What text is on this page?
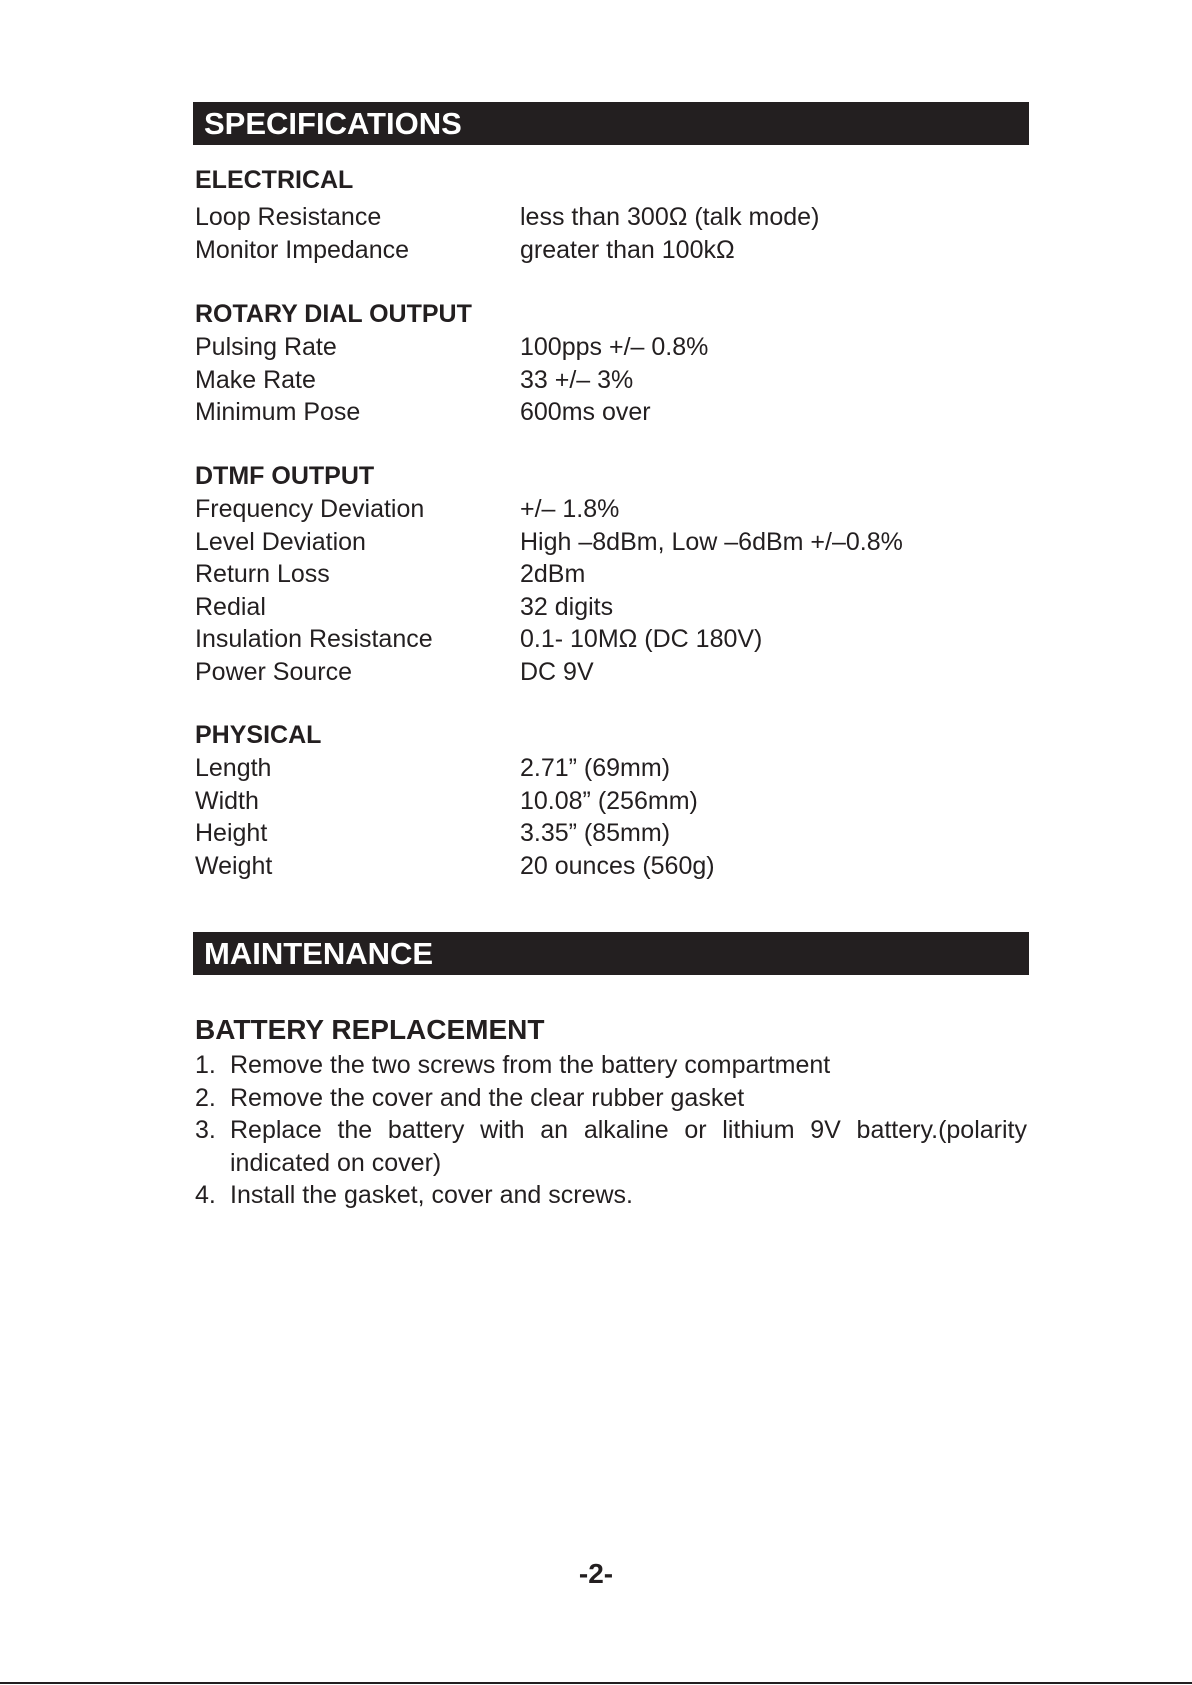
SPECIFICATIONS
ELECTRICAL
Loop Resistance	less than 300Ω (talk mode)
Monitor Impedance	greater than 100kΩ
ROTARY DIAL OUTPUT
Pulsing Rate	100pps +/– 0.8%
Make Rate	33 +/– 3%
Minimum Pose	600ms over
DTMF OUTPUT
Frequency Deviation	+/– 1.8%
Level Deviation	High –8dBm, Low –6dBm +/–0.8%
Return Loss	2dBm
Redial	32 digits
Insulation Resistance	0.1- 10MΩ (DC 180V)
Power Source	DC 9V
PHYSICAL
Length	2.71” (69mm)
Width	10.08” (256mm)
Height	3.35” (85mm)
Weight	20 ounces (560g)
MAINTENANCE
BATTERY REPLACEMENT
1. Remove the two screws from the battery compartment
2. Remove the cover and the clear rubber gasket
3. Replace the battery with an alkaline or lithium 9V battery.(polarity indicated on cover)
4. Install the gasket, cover and screws.
-2-
